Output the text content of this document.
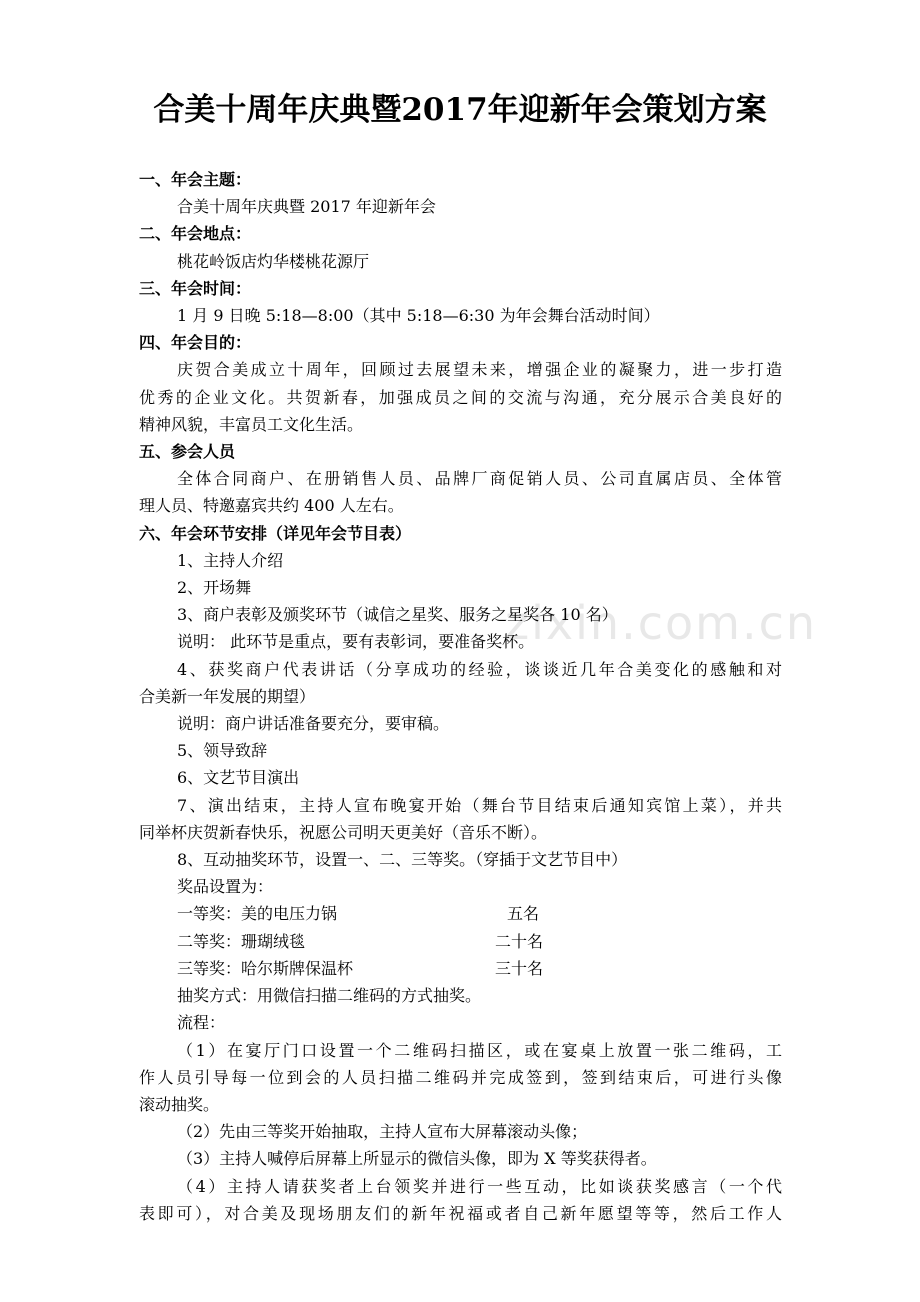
合美十周年庆典暨2017年迎新年会策划方案
zixin.com.cn

一、年会主题：

合美十周年庆典暨 2017 年迎新年会

二、年会地点：

桃花岭饭店灼华楼桃花源厅

三、年会时间：

1 月 9 日晚 5:18—8:00（其中 5:18—6:30 为年会舞台活动时间）

四、年会目的：

庆贺合美成立十周年，回顾过去展望未来，增强企业的凝聚力，进一步打造

优秀的企业文化。共贺新春，加强成员之间的交流与沟通，充分展示合美良好的

精神风貌，丰富员工文化生活。

五、参会人员

全体合同商户、在册销售人员、品牌厂商促销人员、公司直属店员、全体管

理人员、特邀嘉宾共约 400 人左右。

六、年会环节安排（详见年会节目表）

1、主持人介绍

2、开场舞

3、商户表彰及颁奖环节（诚信之星奖、服务之星奖各 10 名）

说明： 此环节是重点，要有表彰词，要准备奖杯。

4、获奖商户代表讲话（分享成功的经验，谈谈近几年合美变化的感触和对

合美新一年发展的期望）

说明：商户讲话准备要充分，要审稿。

5、领导致辞

6、文艺节目演出

7、演出结束，主持人宣布晚宴开始（舞台节目结束后通知宾馆上菜），并共

同举杯庆贺新春快乐，祝愿公司明天更美好（音乐不断）。

8、互动抽奖环节，设置一、二、三等奖。（穿插于文艺节目中）

奖品设置为：

一等奖：美的电压力锅	五名
二等奖：珊瑚绒毯	二十名
三等奖：哈尔斯牌保温杯	三十名

抽奖方式：用微信扫描二维码的方式抽奖。

流程：

（1）在宴厅门口设置一个二维码扫描区，或在宴桌上放置一张二维码，工

作人员引导每一位到会的人员扫描二维码并完成签到，签到结束后，可进行头像

滚动抽奖。

（2）先由三等奖开始抽取，主持人宣布大屏幕滚动头像；

（3）主持人喊停后屏幕上所显示的微信头像，即为 X 等奖获得者。

（4）主持人请获奖者上台领奖并进行一些互动，比如谈获奖感言（一个代

表即可），对合美及现场朋友们的新年祝福或者自己新年愿望等等，然后工作人
